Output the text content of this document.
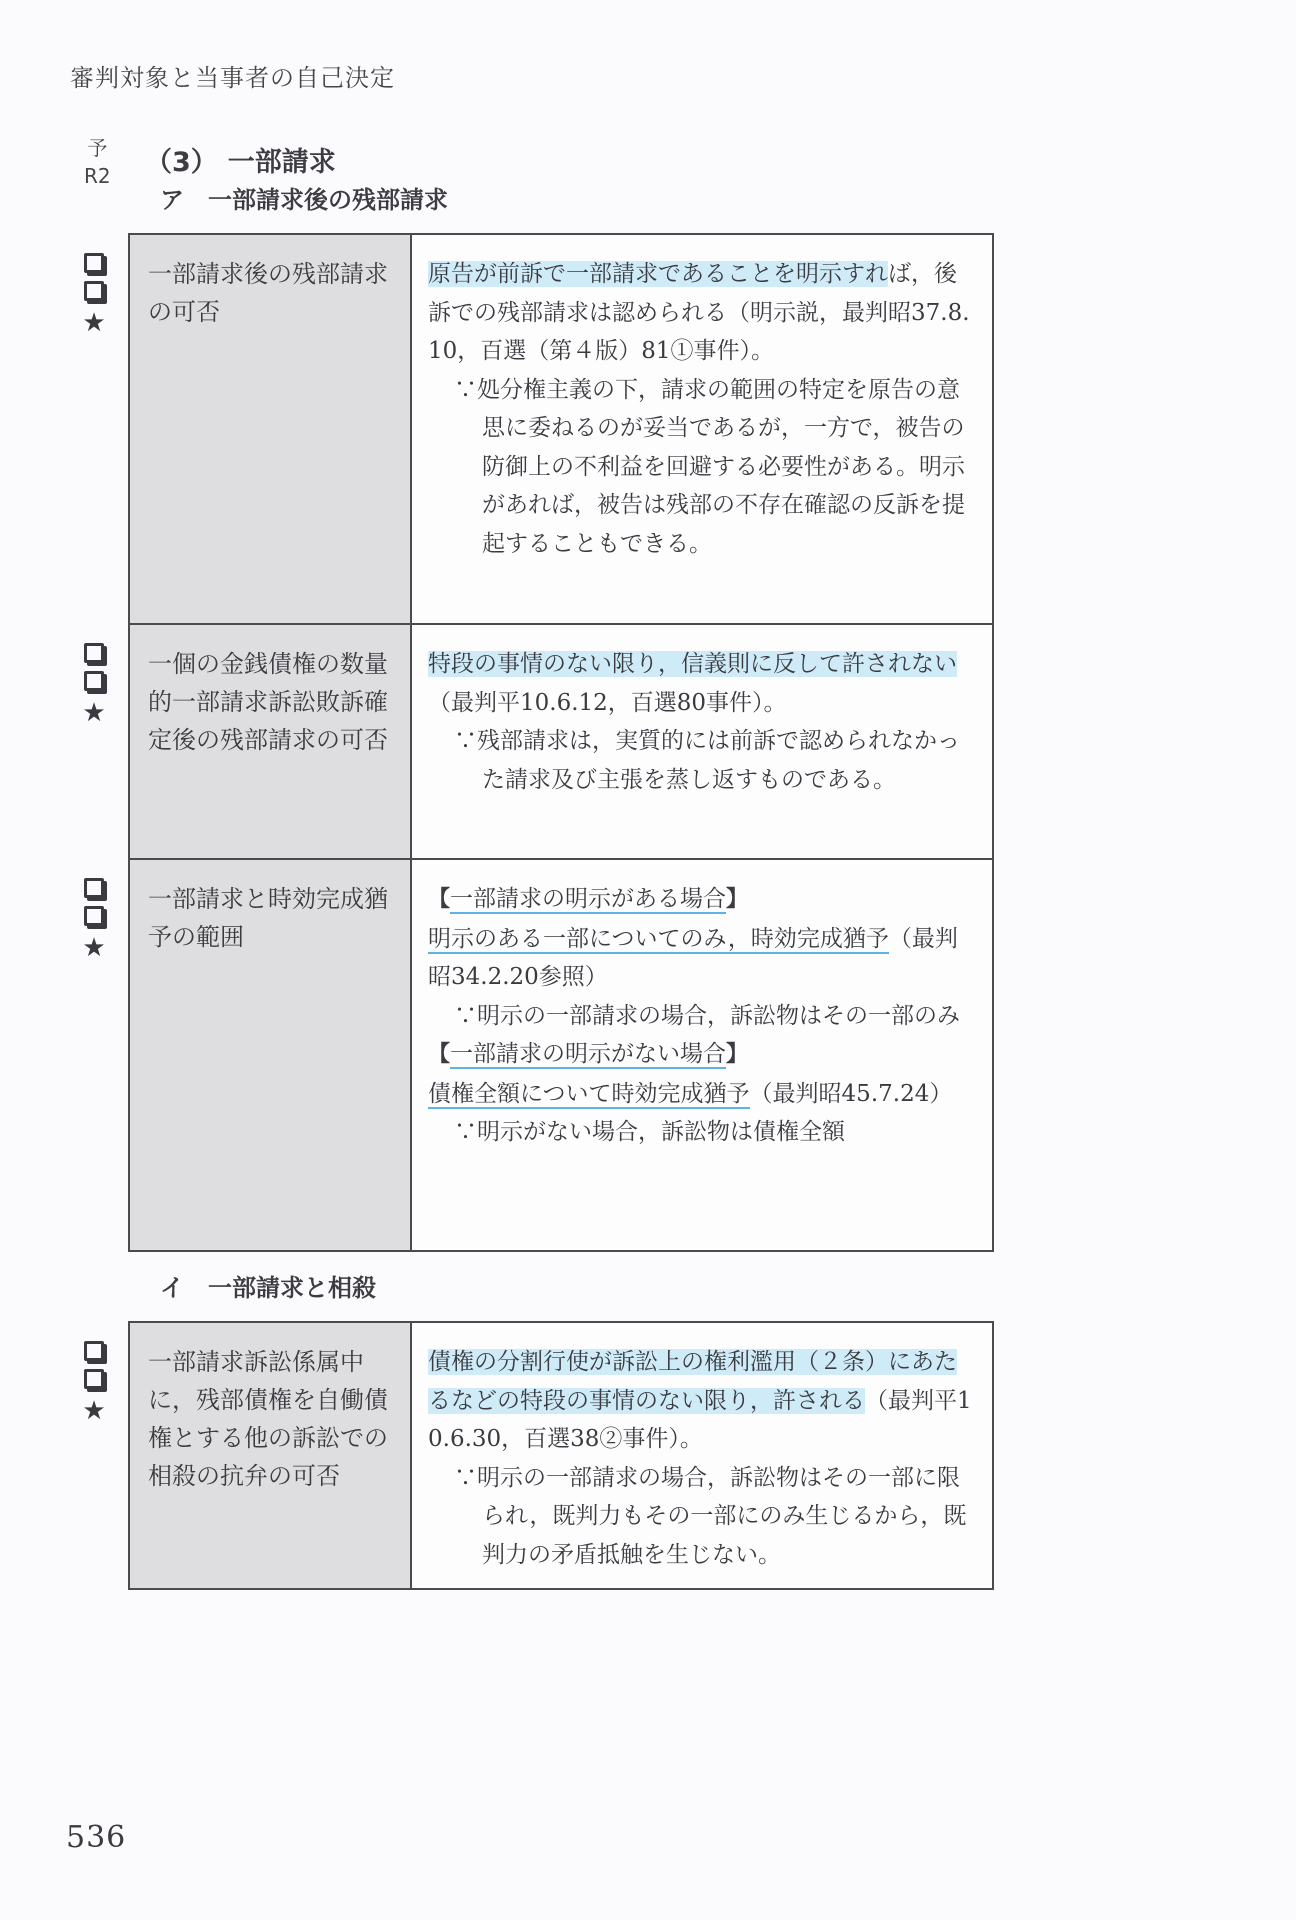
審判対象と当事者の自己決定
予
R2 （3） 一部請求
ア　一部請求後の残部請求
★
一部請求後の残部請求の可否

原告が前訴で一部請求であることを明示すれば，後訴での残部請求は認められる（明示説，最判昭37.8.10，百選（第４版）81①事件）。

∵処分権主義の下，請求の範囲の特定を原告の意思に委ねるのが妥当であるが，一方で，被告の防御上の不利益を回避する必要性がある。明示があれば，被告は残部の不存在確認の反訴を提起することもできる。

★
一個の金銭債権の数量的一部請求訴訟敗訴確定後の残部請求の可否

特段の事情のない限り，信義則に反して許されない（最判平10.6.12，百選80事件）。

∵残部請求は，実質的には前訴で認められなかった請求及び主張を蒸し返すものである。

★
一部請求と時効完成猶予の範囲

【一部請求の明示がある場合】

明示のある一部についてのみ，時効完成猶予（最判昭34.2.20参照）

∵明示の一部請求の場合，訴訟物はその一部のみ

【一部請求の明示がない場合】

債権全額について時効完成猶予（最判昭45.7.24）

∵明示がない場合，訴訟物は債権全額

イ　一部請求と相殺
★
一部請求訴訟係属中に，残部債権を自働債権とする他の訴訟での相殺の抗弁の可否

債権の分割行使が訴訟上の権利濫用（２条）にあたるなどの特段の事情のない限り，許される（最判平10.6.30，百選38②事件）。

∵明示の一部請求の場合，訴訟物はその一部に限られ，既判力もその一部にのみ生じるから，既判力の矛盾抵触を生じない。

536
